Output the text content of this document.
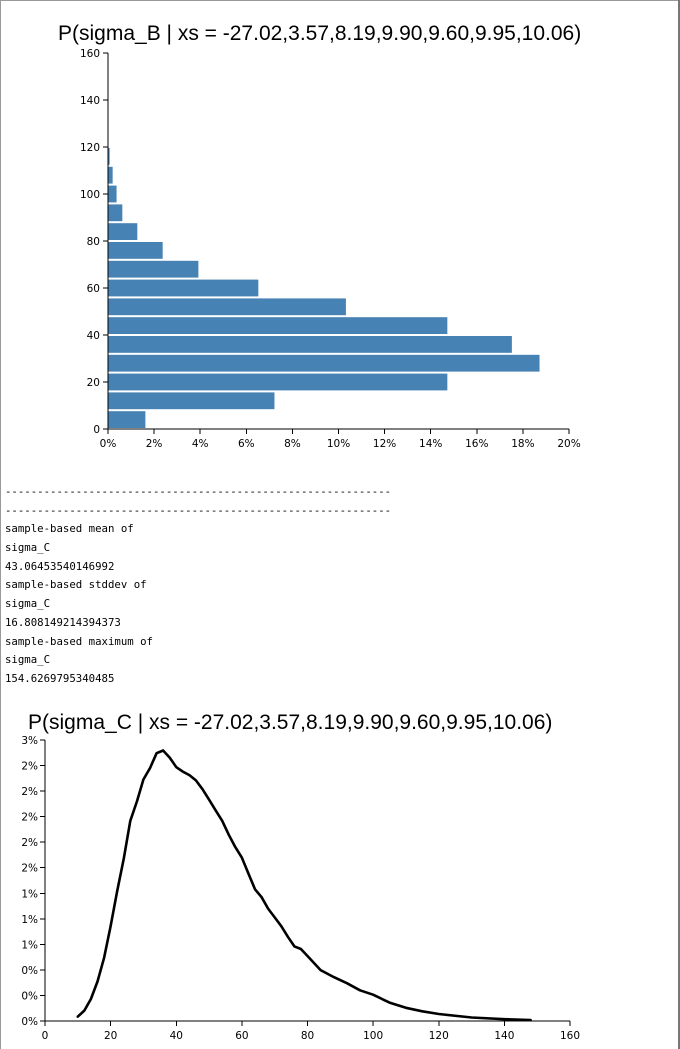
P(sigma_B | xs = -27.02,3.57,8.19,9.90,9.60,9.95,10.06)
0
20
40
60
80
100
120
140
160
0%	2%	4%	6%	8% 10% 12% 14% 16% 18% 20%
------------------------------------------------------------
------------------------------------------------------------
sample-based mean of
sigma_C
43.06453540146992
sample-based stddev of
sigma_C
16.808149214394373
sample-based maximum of
sigma_C
154.6269795340485
P(sigma_C | xs = -27.02,3.57,8.19,9.90,9.60,9.95,10.06)
0%
0%
0%
1%
1%
1%
2%
2%
2%
2%
2%
3%
0	20	40	60	80	100	120	140	160
